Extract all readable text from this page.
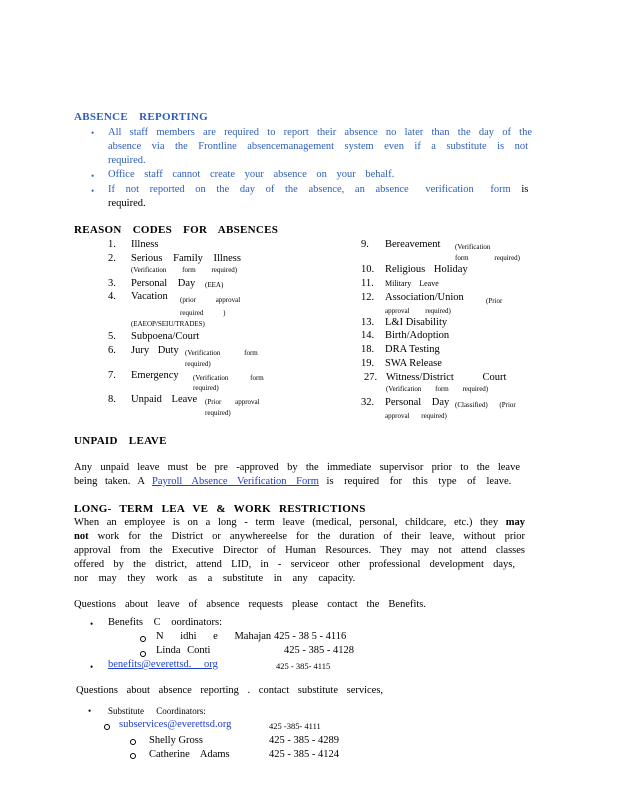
ABSENCE REPORTING
• All staff members are required to report their absence no later than the day of the
absence via the Frontline absencemanagement system even if a substitute is not
required.
• Office staff cannot create your absence on your behalf.
• If not reported on the day of the absence, an absence verification form is
required.
REASON CODES FOR ABSENCES
1. Illness
2. Serious Family Illness
(Verification form required)
3. Personal Day (EEA)
4. Vacation (prior approval required )
(EAEOP/SEIU/TRADES)
5. Subpoena/Court
6. Jury Duty (Verification form required)
7. Emergency (Verification form required)
8. Unpaid Leave (Prior approval required)
9. Bereavement (Verification form required)
10. Religious Holiday
11. Military Leave
12. Association/Union	(Prior approval required)
13. L&I Disability
14. Birth/Adoption
18. DRA Testing
19. SWA Release
27. Witness/District Court
(Verification form required)
32. Personal Day (Classified) (Prior approval required)
UNPAID LEAVE
Any unpaid leave must be pre -approved by the immediate supervisor prior to the leave
being taken. A Payroll Absence Verification Form is required for this type of leave.
LONG- TERM LEA VE & WORK RESTRICTIONS
When an employee is on a long - term leave (medical, personal, childcare, etc.) they may
not work for the District or anywhereelse for the duration of their leave, without prior
approval from the Executive Director of Human Resources. They may not attend classes
offered by the district, attend LID, in - serviceor other professional development days,
nor may they work as a substitute in any capacity.
Questions about leave of absence requests please contact the Benefits.
• Benefits C oordinators:
N idhi e Mahajan 425 - 38 5 - 4116
Linda Conti	425 - 385 - 4128
• benefits@everettsd. org	425 - 385- 4115
Questions about absence reporting . contact substitute services,
• Substitute Coordinators:
subservices@everettsd.org	425 -385- 4111
Shelly Gross	425 - 385 - 4289
Catherine Adams	425 - 385 - 4124
